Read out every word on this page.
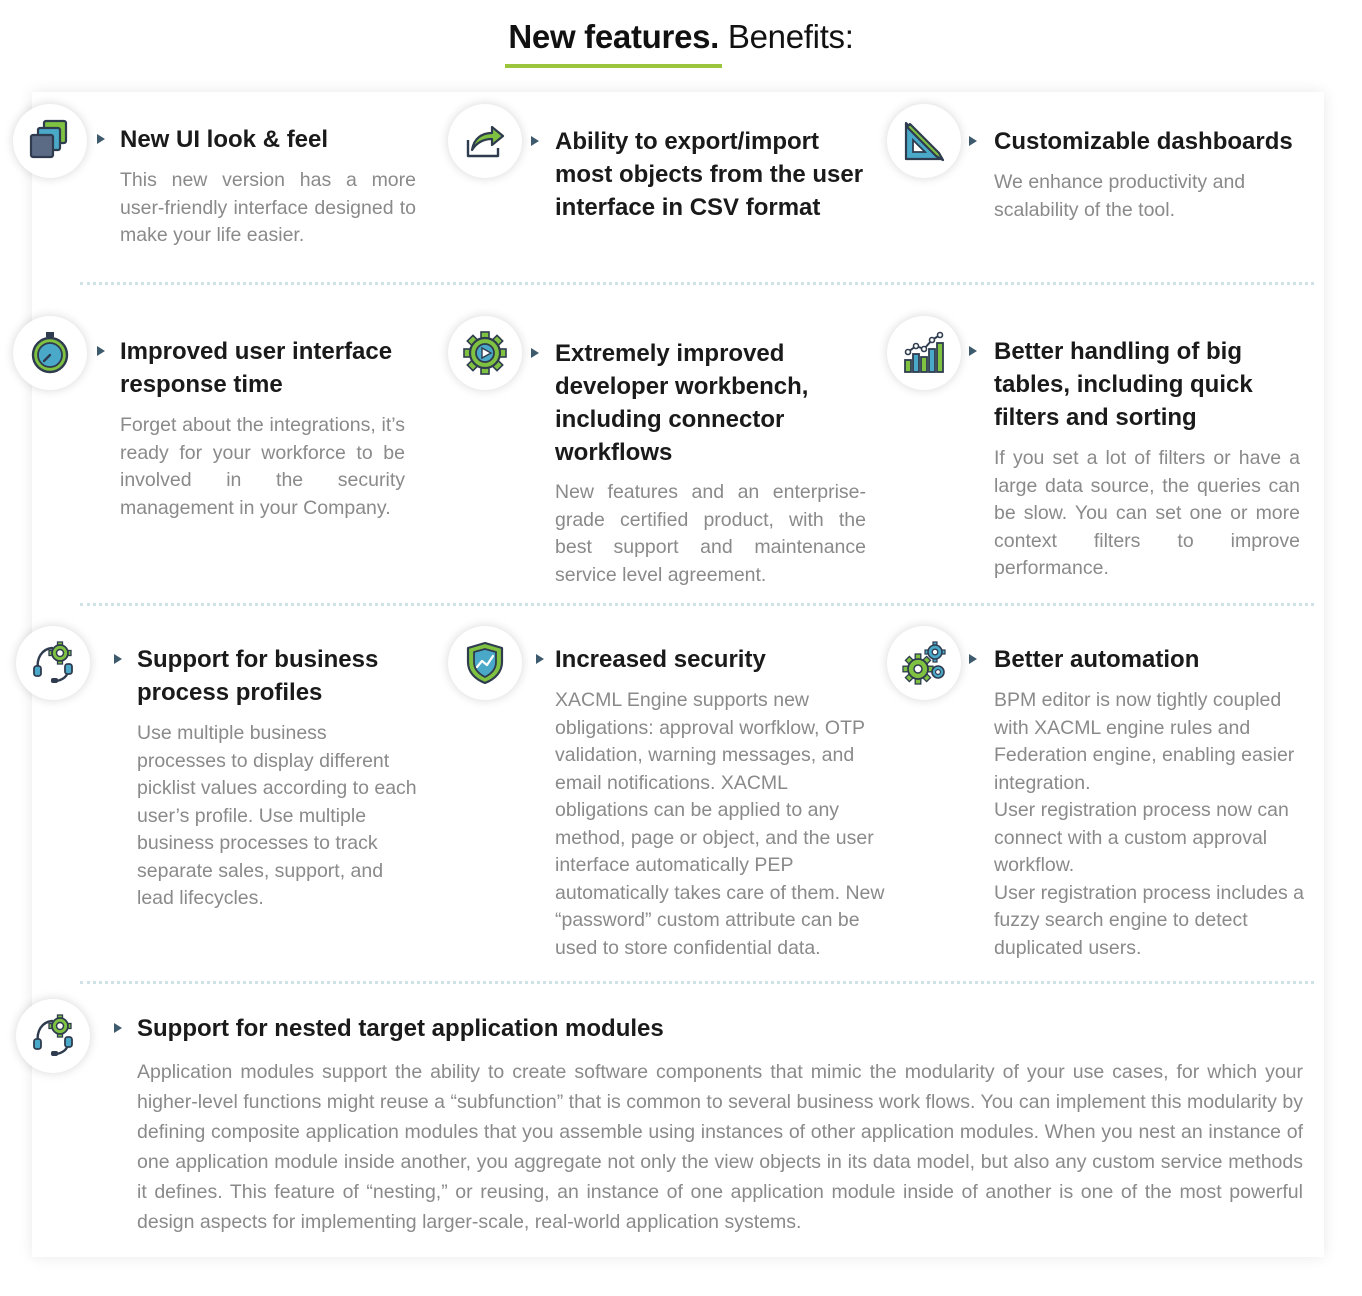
New features. Benefits:
New UI look & feel

This new version has a more user-friendly interface designed to make your life easier.

Ability to export/import most objects from the user interface in CSV format
Customizable dashboards

We enhance productivity and scalability of the tool.

Improved user interface response time

Forget about the integrations, it’s ready for your workforce to be involved in the security management in your Company.

Extremely improved developer workbench, including connector workflows

New features and an enterprise-grade certified product, with the best support and maintenance service level agreement.

Better handling of big tables, including quick filters and sorting

If you set a lot of filters or have a large data source, the queries can be slow. You can set one or more context filters to improve performance.

Support for business process profiles

Use multiple business processes to display different picklist values according to each user’s profile. Use multiple business processes to track separate sales, support, and lead lifecycles.

Increased security

XACML Engine supports new obligations: approval worfklow, OTP validation, warning messages, and email notifications. XACML obligations can be applied to any method, page or object, and the user interface automatically PEP automatically takes care of them. New “password” custom attribute can be used to store confidential data.

Better automation

BPM editor is now tightly coupled with XACML engine rules and Federation engine, enabling easier integration.
User registration process now can connect with a custom approval workflow.
User registration process includes a fuzzy search engine to detect duplicated users.

Support for nested target application modules

Application modules support the ability to create software components that mimic the modularity of your use cases, for which your higher-level functions might reuse a “subfunction” that is common to several business work flows. You can implement this modularity by defining composite application modules that you assemble using instances of other application modules. When you nest an instance of one application module inside another, you aggregate not only the view objects in its data model, but also any custom service methods it defines. This feature of “nesting,” or reusing, an instance of one application module inside of another is one of the most powerful design aspects for implementing larger-scale, real-world application systems.
